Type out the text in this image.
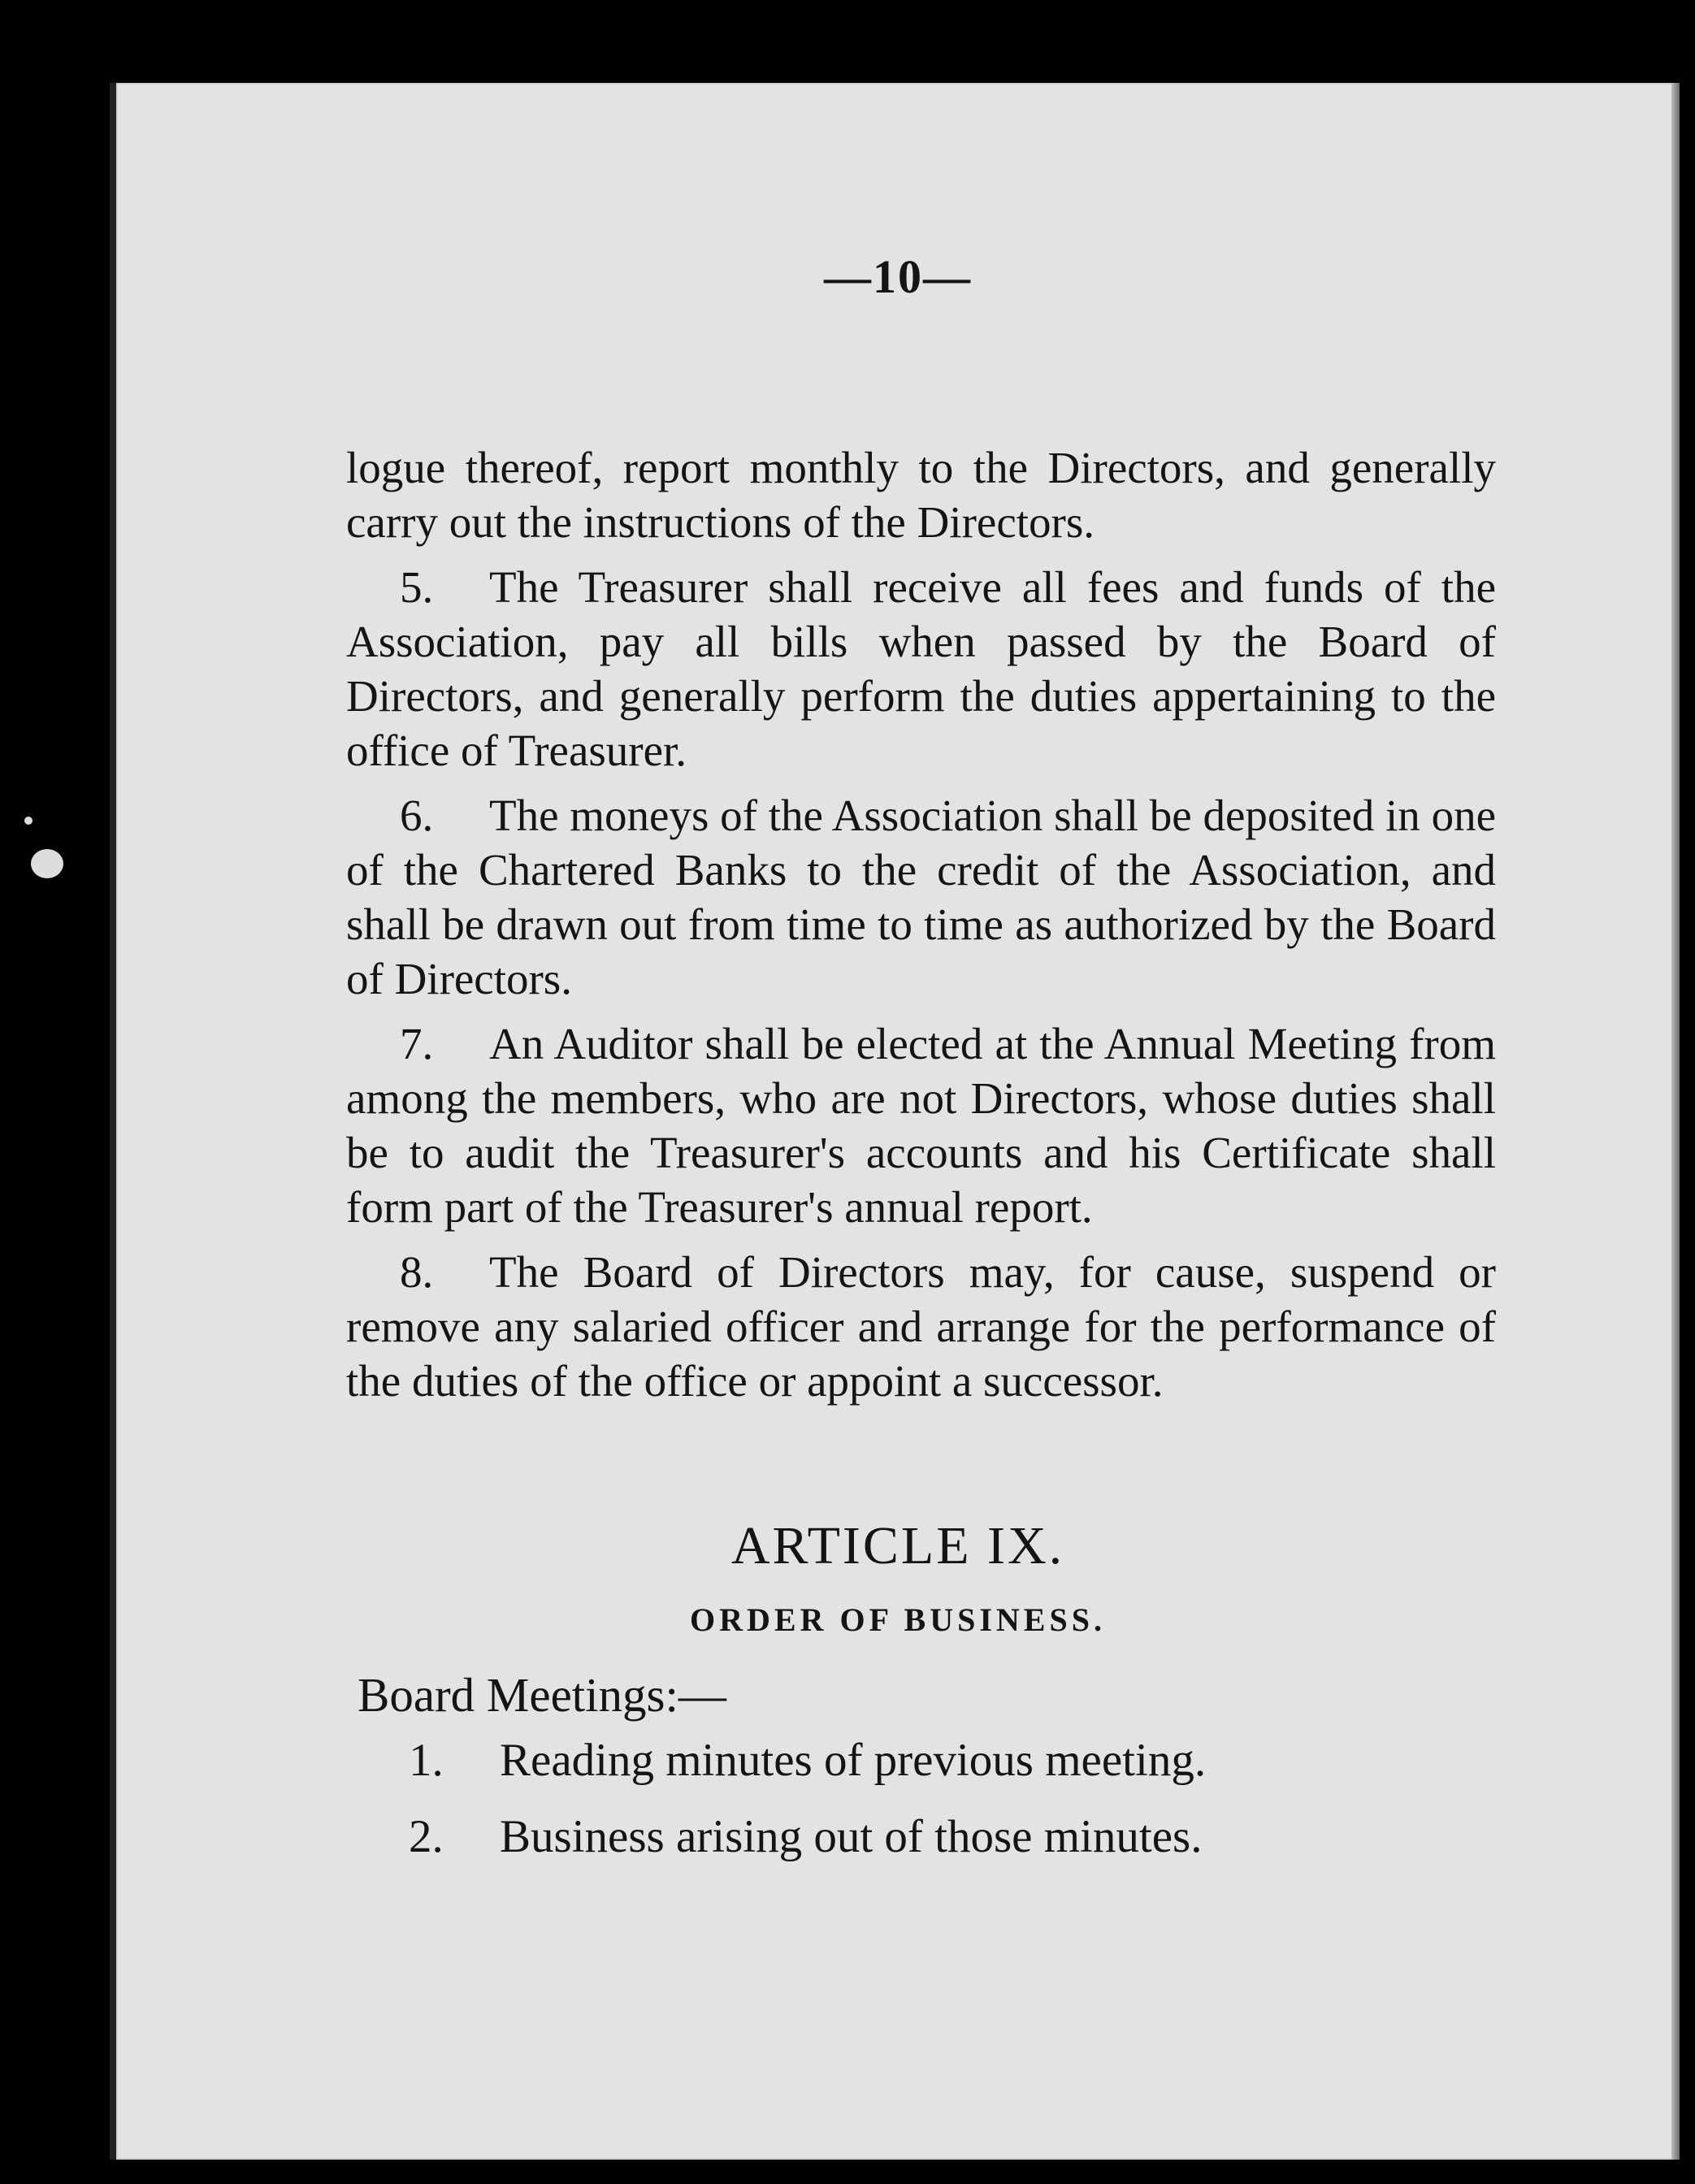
—10—

logue thereof, report monthly to the Directors, and generally carry out the instructions of the Directors.

5. The Treasurer shall receive all fees and funds of the Association, pay all bills when passed by the Board of Directors, and generally perform the duties appertaining to the office of Treasurer.

6. The moneys of the Association shall be deposited in one of the Chartered Banks to the credit of the Association, and shall be drawn out from time to time as authorized by the Board of Directors.

7. An Auditor shall be elected at the Annual Meeting from among the members, who are not Directors, whose duties shall be to audit the Treasurer's accounts and his Certificate shall form part of the Treasurer's annual report.

8. The Board of Directors may, for cause, suspend or remove any salaried officer and arrange for the performance of the duties of the office or appoint a successor.

ARTICLE IX.
ORDER OF BUSINESS.
Board Meetings:—
1. Reading minutes of previous meeting.
2. Business arising out of those minutes.
